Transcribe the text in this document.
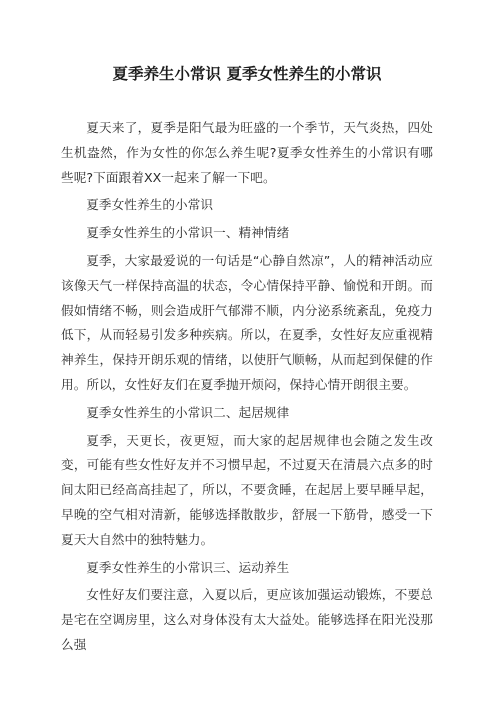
夏季养生小常识 夏季女性养生的小常识

夏天来了，夏季是阳气最为旺盛的一个季节，天气炎热，四处生机盎然，作为女性的你怎么养生呢?夏季女性养生的小常识有哪些呢?下面跟着XX一起来了解一下吧。

夏季女性养生的小常识

夏季女性养生的小常识一、精神情绪

夏季，大家最爱说的一句话是“心静自然凉”，人的精神活动应该像天气一样保持高温的状态，令心情保持平静、愉悦和开朗。而假如情绪不畅，则会造成肝气郁滞不顺，内分泌系统紊乱，免疫力低下，从而轻易引发多种疾病。所以，在夏季，女性好友应重视精神养生，保持开朗乐观的情绪，以使肝气顺畅，从而起到保健的作用。所以，女性好友们在夏季抛开烦闷，保持心情开朗很主要。

夏季女性养生的小常识二、起居规律

夏季，天更长，夜更短，而大家的起居规律也会随之发生改变，可能有些女性好友并不习惯早起，不过夏天在清晨六点多的时间太阳已经高高挂起了，所以，不要贪睡，在起居上要早睡早起，早晚的空气相对清新，能够选择散散步，舒展一下筋骨，感受一下夏天大自然中的独特魅力。

夏季女性养生的小常识三、运动养生

女性好友们要注意，入夏以后，更应该加强运动锻炼，不要总是宅在空调房里，这么对身体没有太大益处。能够选择在阳光没那么强
